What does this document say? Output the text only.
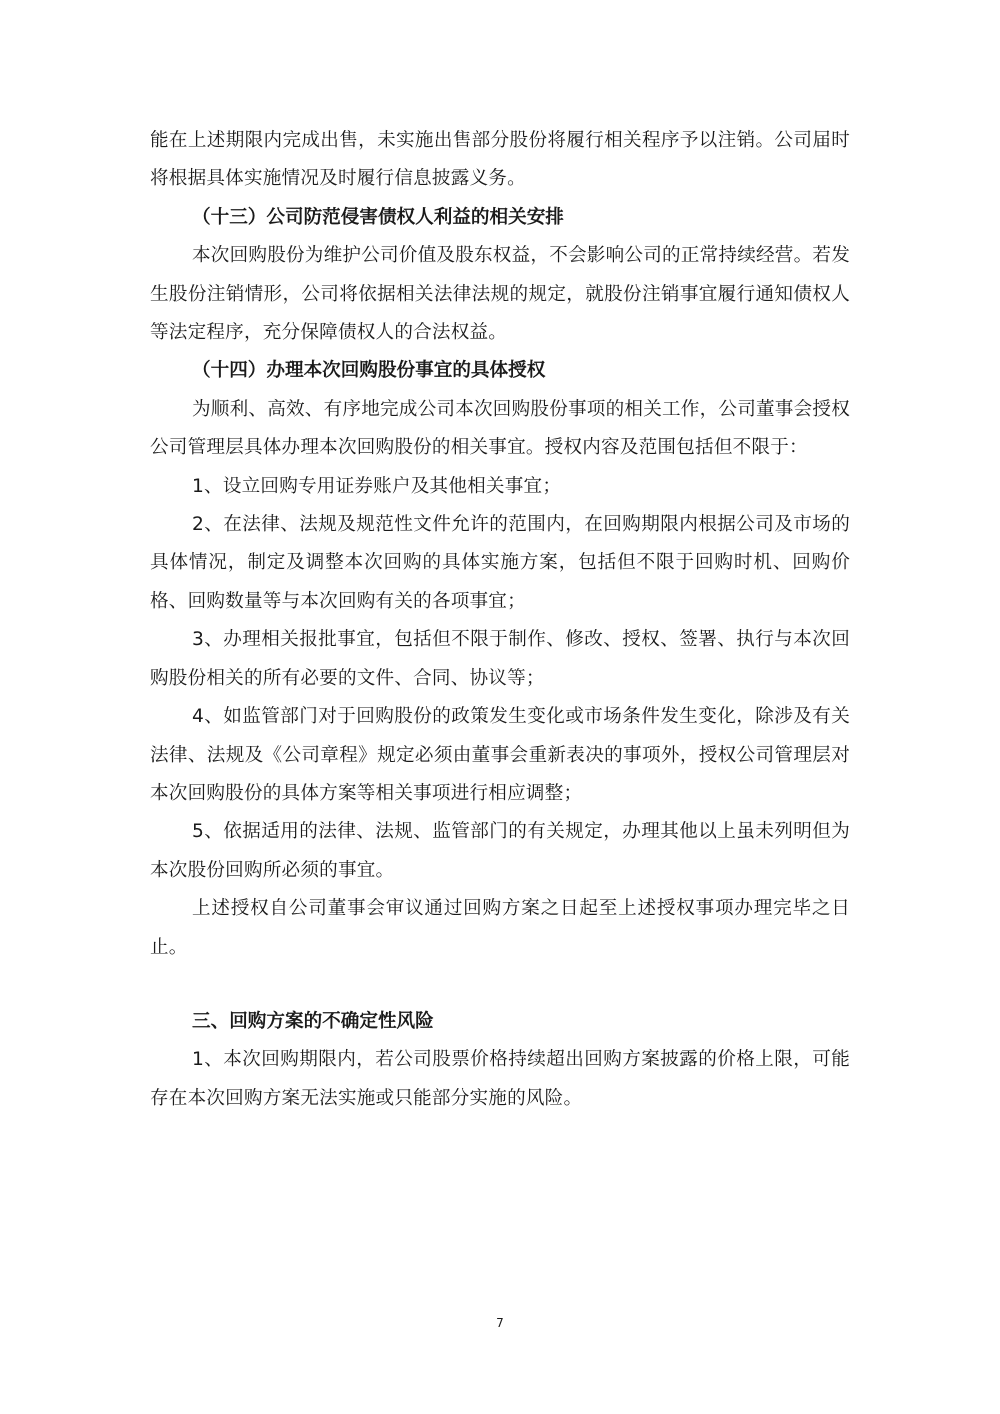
能在上述期限内完成出售，未实施出售部分股份将履行相关程序予以注销。公司届时将根据具体实施情况及时履行信息披露义务。

（十三）公司防范侵害债权人利益的相关安排

本次回购股份为维护公司价值及股东权益，不会影响公司的正常持续经营。若发生股份注销情形，公司将依据相关法律法规的规定，就股份注销事宜履行通知债权人等法定程序，充分保障债权人的合法权益。

（十四）办理本次回购股份事宜的具体授权

为顺利、高效、有序地完成公司本次回购股份事项的相关工作，公司董事会授权公司管理层具体办理本次回购股份的相关事宜。授权内容及范围包括但不限于：

1、设立回购专用证券账户及其他相关事宜；

2、在法律、法规及规范性文件允许的范围内，在回购期限内根据公司及市场的具体情况，制定及调整本次回购的具体实施方案，包括但不限于回购时机、回购价格、回购数量等与本次回购有关的各项事宜；

3、办理相关报批事宜，包括但不限于制作、修改、授权、签署、执行与本次回购股份相关的所有必要的文件、合同、协议等；

4、如监管部门对于回购股份的政策发生变化或市场条件发生变化，除涉及有关法律、法规及《公司章程》规定必须由董事会重新表决的事项外，授权公司管理层对本次回购股份的具体方案等相关事项进行相应调整；

5、依据适用的法律、法规、监管部门的有关规定，办理其他以上虽未列明但为本次股份回购所必须的事宜。

上述授权自公司董事会审议通过回购方案之日起至上述授权事项办理完毕之日止。

三、回购方案的不确定性风险

1、本次回购期限内，若公司股票价格持续超出回购方案披露的价格上限，可能存在本次回购方案无法实施或只能部分实施的风险。

7
